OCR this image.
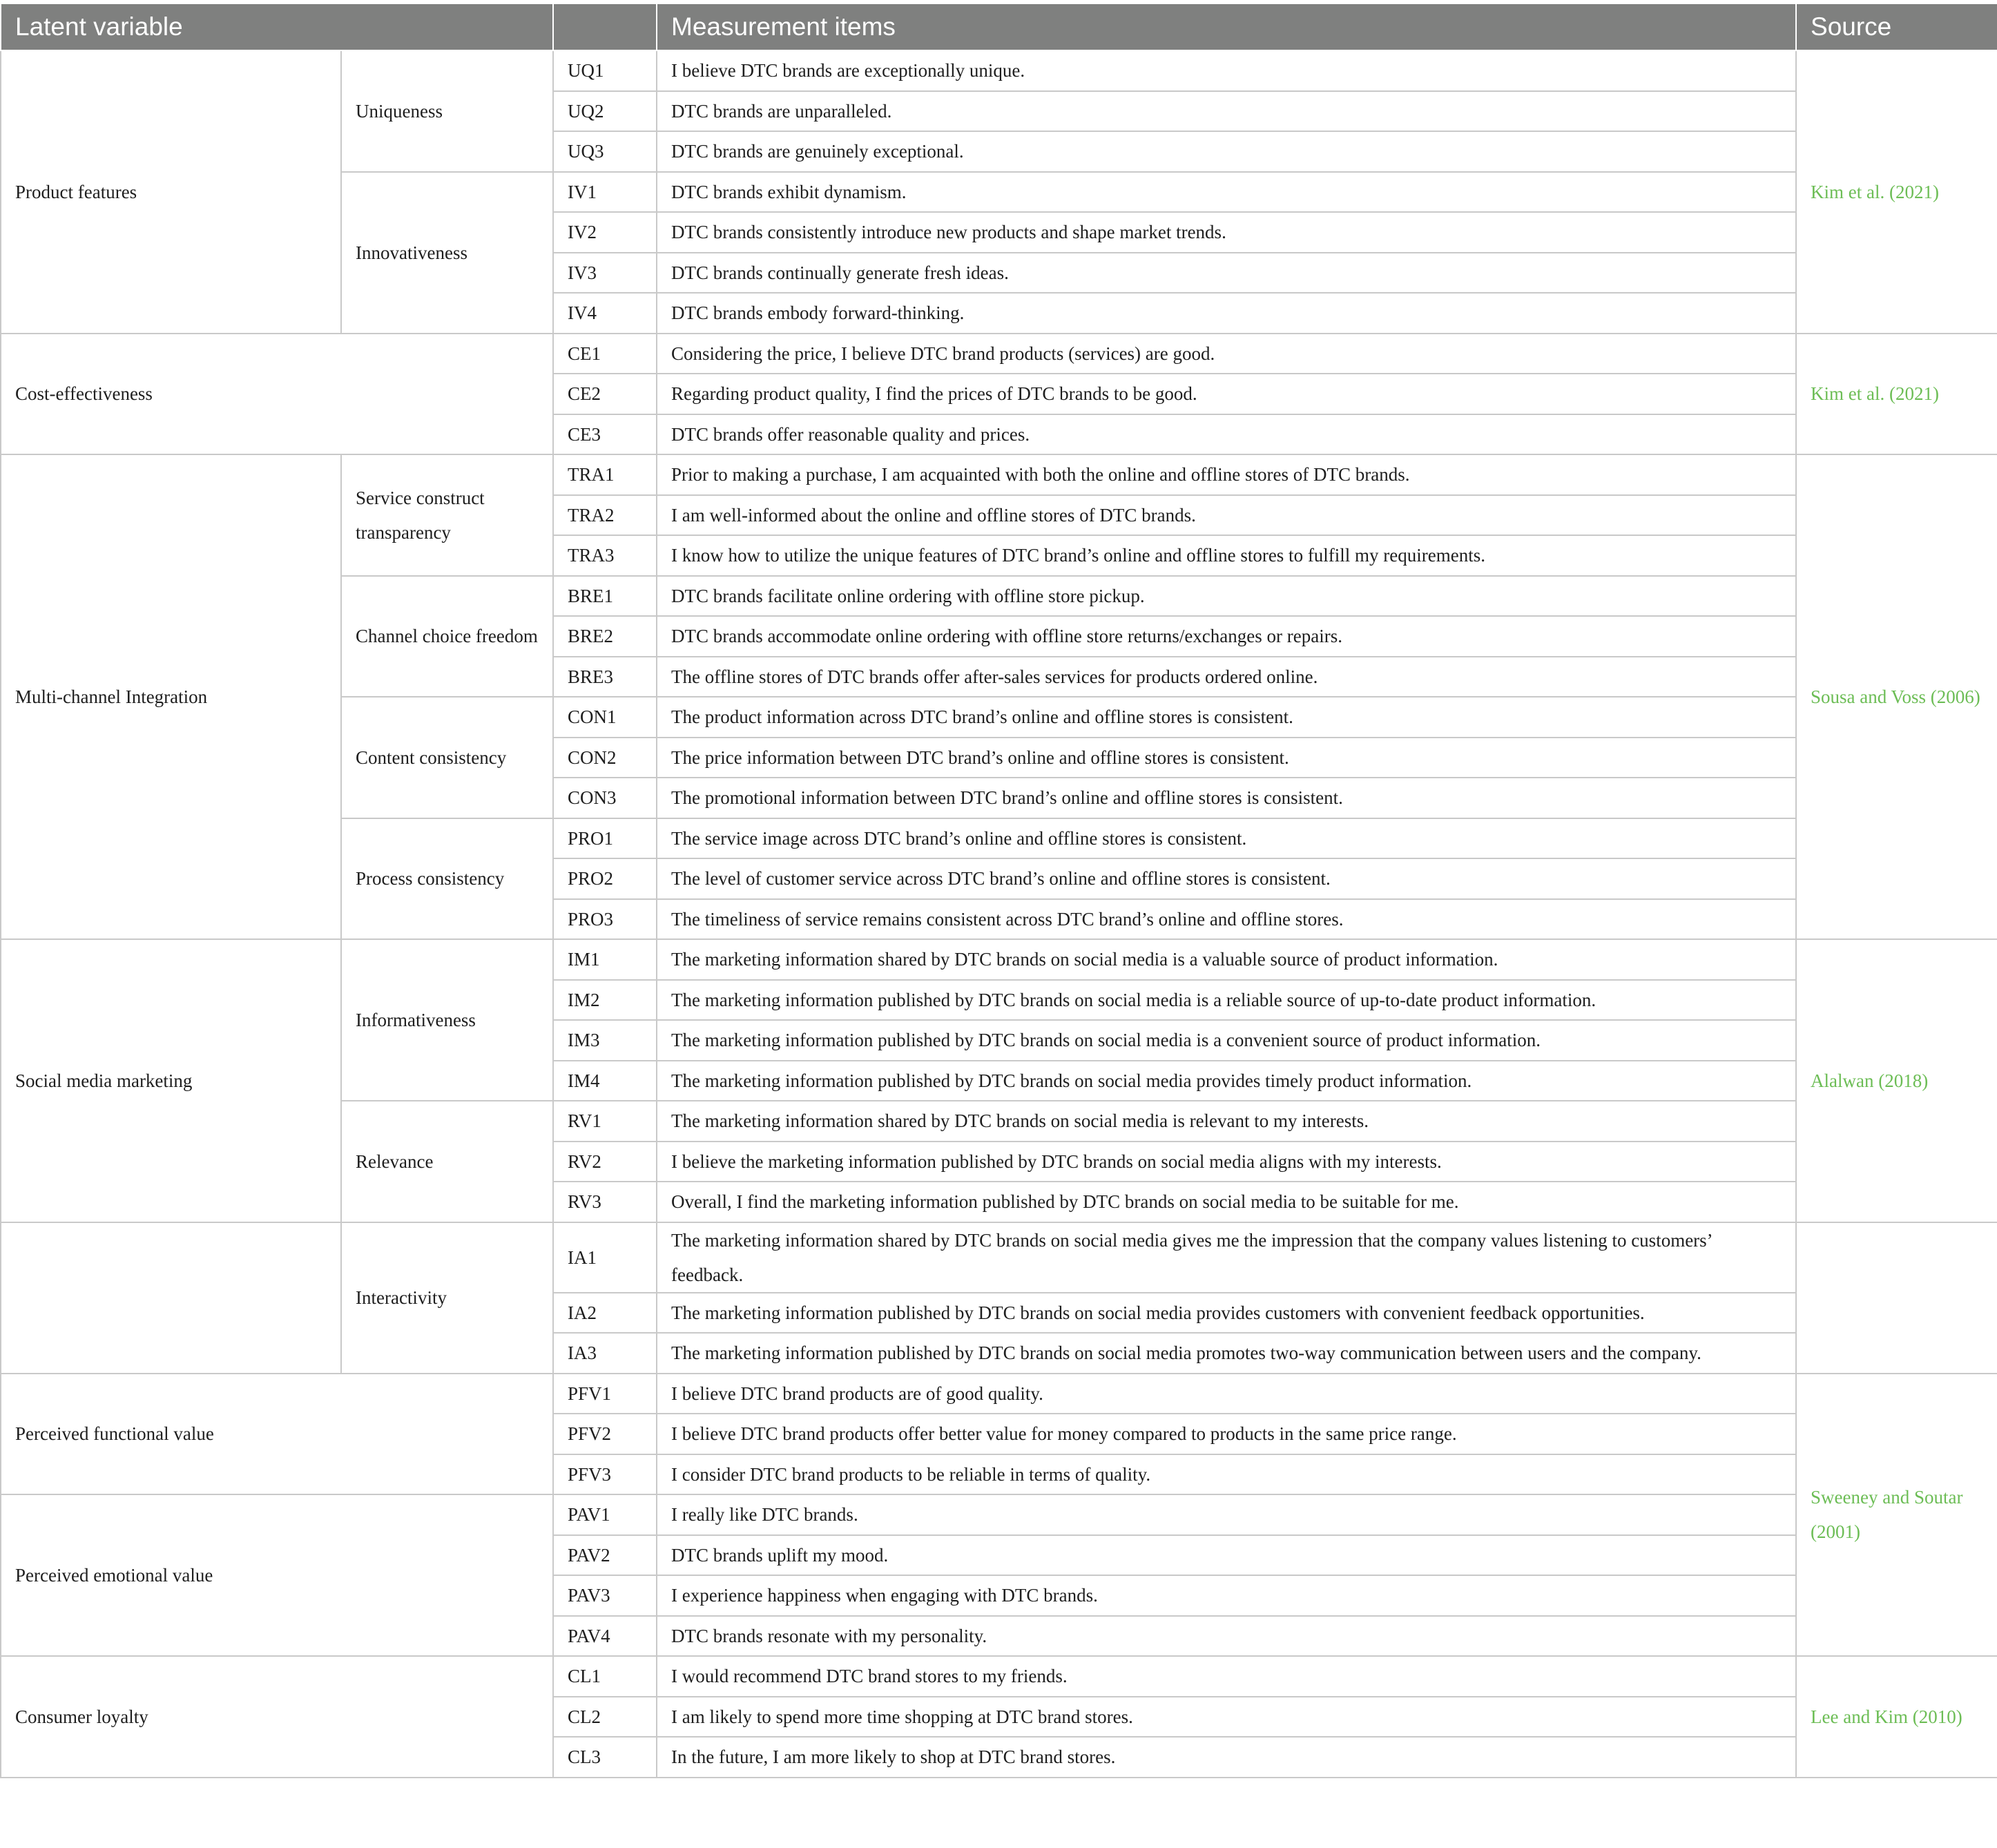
Latent variable			Measurement items	Source
Product features	Uniqueness	UQ1	I believe DTC brands are exceptionally unique.	Kim et al. (2021)
		UQ2	DTC brands are unparalleled.	
		UQ3	DTC brands are genuinely exceptional.	
	Innovativeness	IV1	DTC brands exhibit dynamism.	
		IV2	DTC brands consistently introduce new products and shape market trends.	
		IV3	DTC brands continually generate fresh ideas.	
		IV4	DTC brands embody forward-thinking.	
Cost-effectiveness		CE1	Considering the price, I believe DTC brand products (services) are good.	Kim et al. (2021)
		CE2	Regarding product quality, I find the prices of DTC brands to be good.	
		CE3	DTC brands offer reasonable quality and prices.	
Multi-channel Integration	Service construct transparency	TRA1	Prior to making a purchase, I am acquainted with both the online and offline stores of DTC brands.	Sousa and Voss (2006)
		TRA2	I am well-informed about the online and offline stores of DTC brands.	
		TRA3	I know how to utilize the unique features of DTC brand’s online and offline stores to fulfill my requirements.	
	Channel choice freedom	BRE1	DTC brands facilitate online ordering with offline store pickup.	
		BRE2	DTC brands accommodate online ordering with offline store returns/exchanges or repairs.	
		BRE3	The offline stores of DTC brands offer after-sales services for products ordered online.	
	Content consistency	CON1	The product information across DTC brand’s online and offline stores is consistent.	
		CON2	The price information between DTC brand’s online and offline stores is consistent.	
		CON3	The promotional information between DTC brand’s online and offline stores is consistent.	
	Process consistency	PRO1	The service image across DTC brand’s online and offline stores is consistent.	
		PRO2	The level of customer service across DTC brand’s online and offline stores is consistent.	
		PRO3	The timeliness of service remains consistent across DTC brand’s online and offline stores.	
Social media marketing	Informativeness	IM1	The marketing information shared by DTC brands on social media is a valuable source of product information.	Alalwan (2018)
		IM2	The marketing information published by DTC brands on social media is a reliable source of up-to-date product information.	
		IM3	The marketing information published by DTC brands on social media is a convenient source of product information.	
		IM4	The marketing information published by DTC brands on social media provides timely product information.	
	Relevance	RV1	The marketing information shared by DTC brands on social media is relevant to my interests.	
		RV2	I believe the marketing information published by DTC brands on social media aligns with my interests.	
		RV3	Overall, I find the marketing information published by DTC brands on social media to be suitable for me.	
	Interactivity	IA1	The marketing information shared by DTC brands on social media gives me the impression that the company values listening to customers’ feedback.	
		IA2	The marketing information published by DTC brands on social media provides customers with convenient feedback opportunities.	
		IA3	The marketing information published by DTC brands on social media promotes two-way communication between users and the company.	
Perceived functional value		PFV1	I believe DTC brand products are of good quality.	Sweeney and Soutar (2001)
		PFV2	I believe DTC brand products offer better value for money compared to products in the same price range.	
		PFV3	I consider DTC brand products to be reliable in terms of quality.	
Perceived emotional value		PAV1	I really like DTC brands.	
		PAV2	DTC brands uplift my mood.	
		PAV3	I experience happiness when engaging with DTC brands.	
		PAV4	DTC brands resonate with my personality.	
Consumer loyalty		CL1	I would recommend DTC brand stores to my friends.	Lee and Kim (2010)
		CL2	I am likely to spend more time shopping at DTC brand stores.	
		CL3	In the future, I am more likely to shop at DTC brand stores.	
